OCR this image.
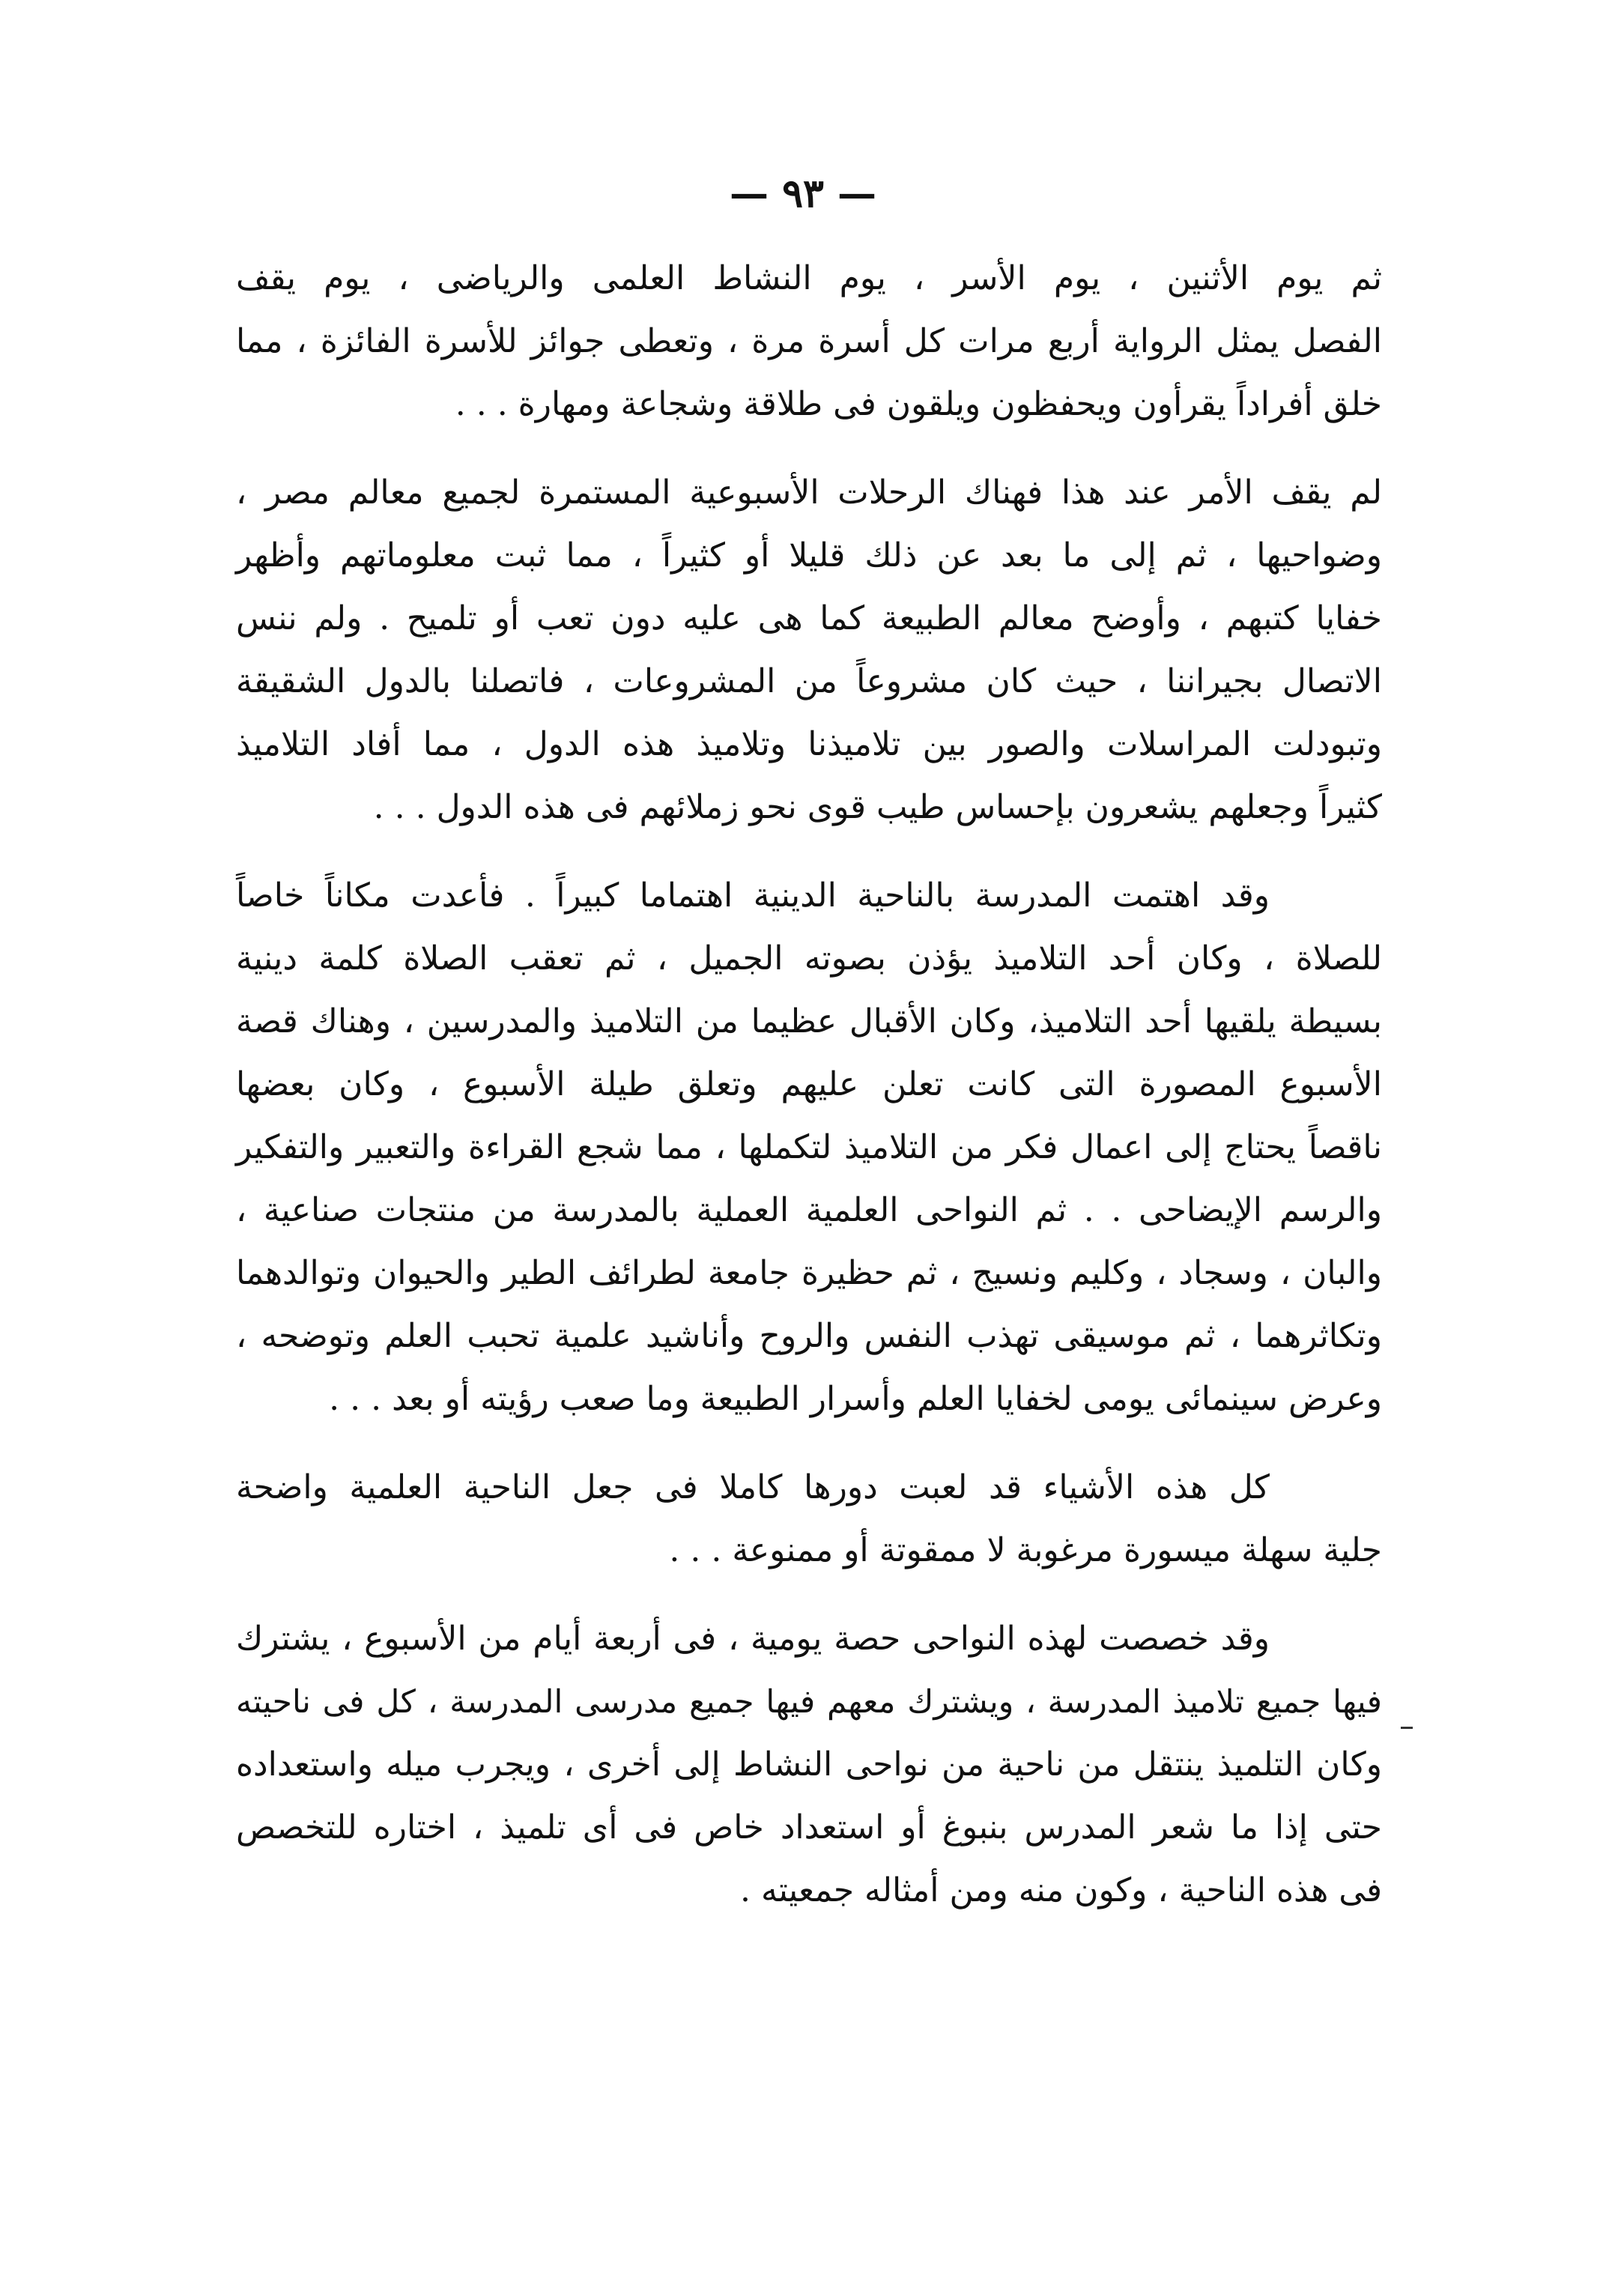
— ٩٣ —

ثم يوم الأثنين ، يوم الأسر ، يوم النشاط العلمى والرياضى ، يوم يقف
الفصل يمثل الرواية أربع مرات كل أسرة مرة ، وتعطى جوائز للأسرة الفائزة ، مما
خلق أفراداً يقرأون ويحفظون ويلقون فى طلاقة وشجاعة ومهارة . . .

لم يقف الأمر عند هذا فهناك الرحلات الأسبوعية المستمرة لجميع معالم مصر ،
وضواحيها ، ثم إلى ما بعد عن ذلك قليلا أو كثيراً ، مما ثبت معلوماتهم وأظهر
خفايا كتبهم ، وأوضح معالم الطبيعة كما هى عليه دون تعب أو تلميح . ولم ننس
الاتصال بجيراننا ، حيث كان مشروعاً من المشروعات ، فاتصلنا بالدول الشقيقة
وتبودلت المراسلات والصور بين تلاميذنا وتلاميذ هذه الدول ، مما أفاد التلاميذ
كثيراً وجعلهم يشعرون بإحساس طيب قوى نحو زملائهم فى هذه الدول . . .

وقد اهتمت المدرسة بالناحية الدينية اهتماما كبيراً . فأعدت مكاناً خاصاً
للصلاة ، وكان أحد التلاميذ يؤذن بصوته الجميل ، ثم تعقب الصلاة كلمة دينية
بسيطة يلقيها أحد التلاميذ، وكان الأقبال عظيما من التلاميذ والمدرسين ، وهناك قصة
الأسبوع المصورة التى كانت تعلن عليهم وتعلق طيلة الأسبوع ، وكان بعضها
ناقصاً يحتاج إلى اعمال فكر من التلاميذ لتكملها ، مما شجع القراءة والتعبير والتفكير
والرسم الإيضاحى . . ثم النواحى العلمية العملية بالمدرسة من منتجات صناعية ،
والبان ، وسجاد ، وكليم ونسيج ، ثم حظيرة جامعة لطرائف الطير والحيوان وتوالدهما
وتكاثرهما ، ثم موسيقى تهذب النفس والروح وأناشيد علمية تحبب العلم وتوضحه ،
وعرض سينمائى يومى لخفايا العلم وأسرار الطبيعة وما صعب رؤيته أو بعد . . .

كل هذه الأشياء قد لعبت دورها كاملا فى جعل الناحية العلمية واضحة
جلية سهلة ميسورة مرغوبة لا ممقوتة أو ممنوعة . . .

وقد خصصت لهذه النواحى حصة يومية ، فى أربعة أيام من الأسبوع ، يشترك
فيها جميع تلاميذ المدرسة ، ويشترك معهم فيها جميع مدرسى المدرسة ، كل فى ناحيته
وكان التلميذ ينتقل من ناحية من نواحى النشاط إلى أخرى ، ويجرب ميله واستعداده
حتى إذا ما شعر المدرس بنبوغ أو استعداد خاص فى أى تلميذ ، اختاره للتخصص
فى هذه الناحية ، وكون منه ومن أمثاله جمعيته .
